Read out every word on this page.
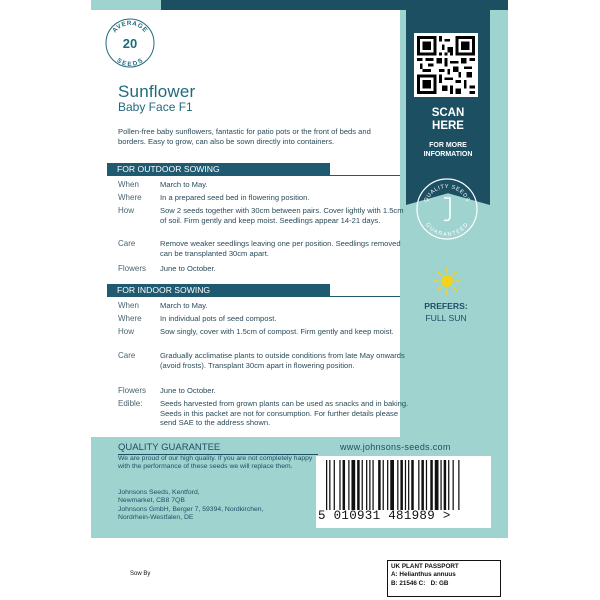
AVERAGE
SEEDS
20
Sunflower
Baby Face F1
Pollen-free baby sunflowers, fantastic for patio pots or the front of beds and borders. Easy to grow, can also be sown directly into containers.
FOR OUTDOOR SOWING
When	March to May.
Where	In a prepared seed bed in flowering position.
How	Sow 2 seeds together with 30cm between pairs. Cover lightly with 1.5cm of soil. Firm gently and keep moist. Seedlings appear 14-21 days.
Care	Remove weaker seedlings leaving one per position. Seedlings removed can be transplanted 30cm apart.
Flowers	June to October.
FOR INDOOR SOWING
When	March to May.
Where	In individual pots of seed compost.
How	Sow singly, cover with 1.5cm of compost. Firm gently and keep moist.
Care	Gradually acclimatise plants to outside conditions from late May onwards (avoid frosts). Transplant 30cm apart in flowering position.
Flowers	June to October.
Edible:	Seeds harvested from grown plants can be used as snacks and in baking. Seeds in this packet are not for consumption. For further details please send SAE to the address shown.
SCAN
HERE
FOR MORE
INFORMATION
QUALITY SEEDS
GUARANTEED
PREFERS:
FULL SUN
QUALITY GUARANTEE
We are proud of our high quality. If you are not completely happy with the performance of these seeds we will replace them.
Johnsons Seeds, Kentford,
Newmarket, CB8 7QB
Johnsons GmbH, Berger 7, 59394, Nordkirchen,
Nordrhein-Westfalen, DE
www.johnsons-seeds.com
5 010931 481989 >
Sow By
UK PLANT PASSPORT
A: Helianthus annuus
B: 21546 C: D: GB
